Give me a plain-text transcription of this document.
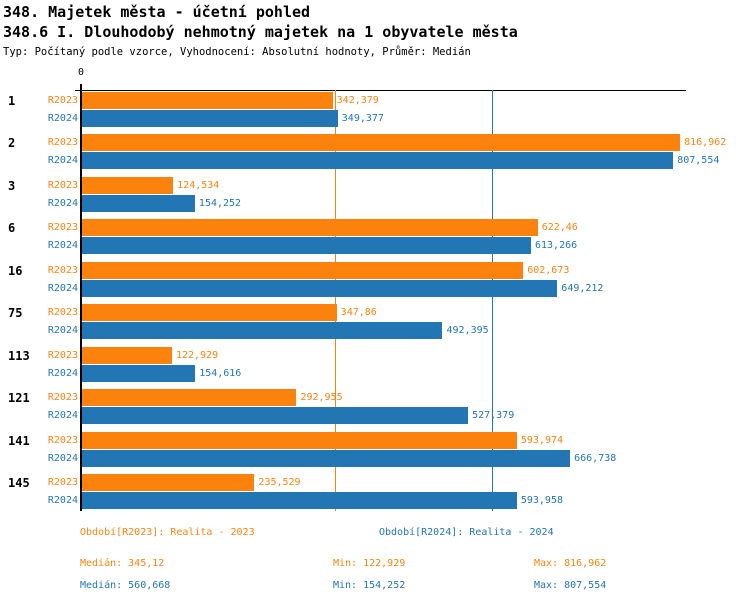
348. Majetek města - účetní pohled
348.6 I. Dlouhodobý nehmotný majetek na 1 obyvatele města
Typ: Počítaný podle vzorce, Vyhodnocení: Absolutní hodnoty, Průměr: Medián
0
1	R2023	342,379
R2024	349,377
2	R2023	816,962
R2024	807,554
3	R2023	124,534
R2024	154,252
6	R2023	622,46
R2024	613,266
16	R2023	602,673
R2024	649,212
75	R2023	347,86
R2024	492,395
113	R2023	122,929
R2024	154,616
121	R2023	292,955
R2024	527,379
141	R2023	593,974
R2024	666,738
145	R2023	235,529
R2024	593,958
Období[R2023]: Realita - 2023	Období[R2024]: Realita - 2024
Medián: 345,12	Min: 122,929	Max: 816,962
Medián: 560,668	Min: 154,252	Max: 807,554
